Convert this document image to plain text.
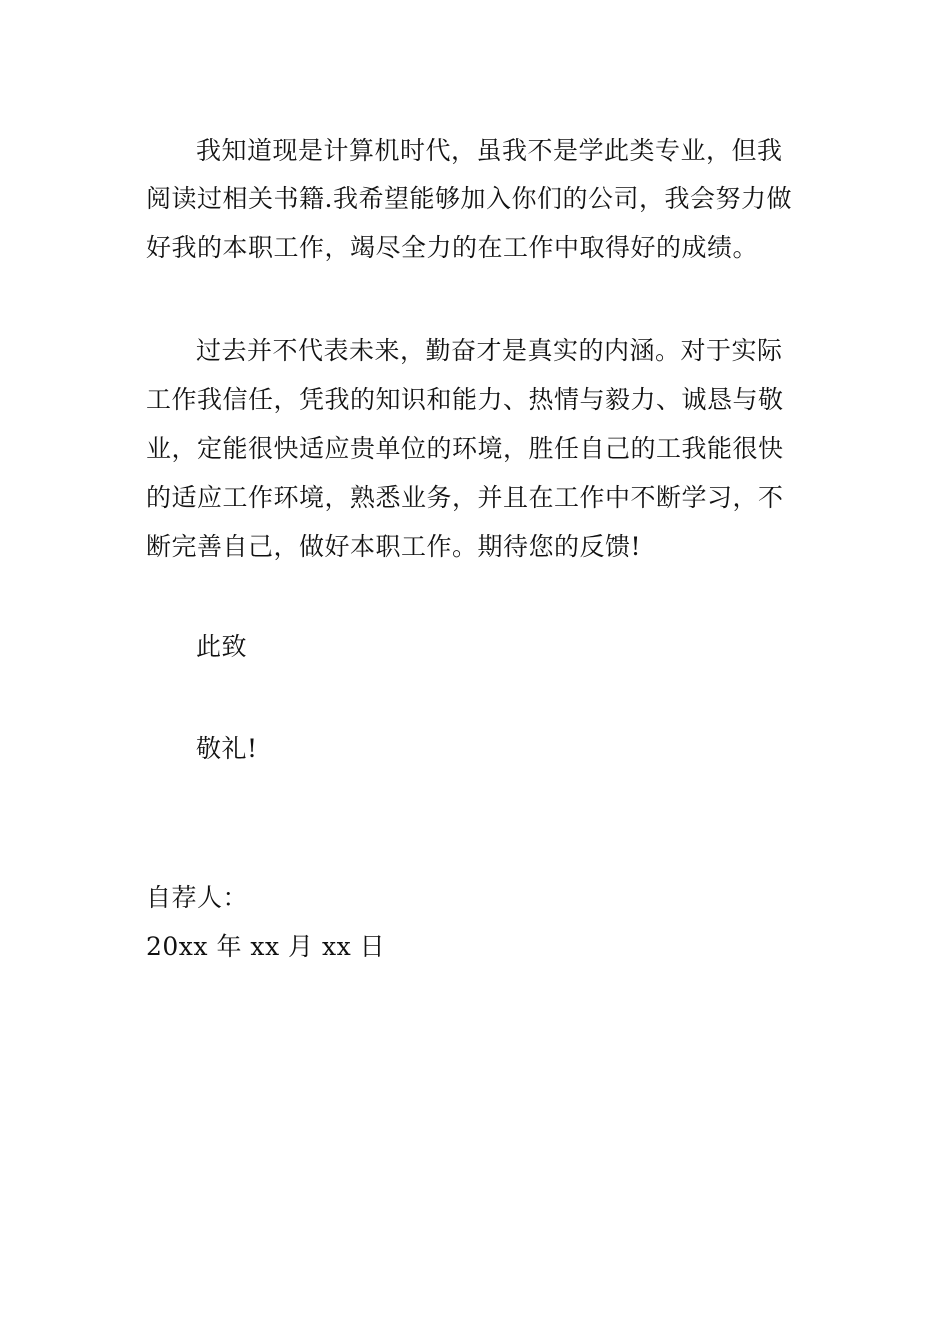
我知道现是计算机时代，虽我不是学此类专业，但我
阅读过相关书籍.我希望能够加入你们的公司，我会努力做
好我的本职工作，竭尽全力的在工作中取得好的成绩。
过去并不代表未来，勤奋才是真实的内涵。对于实际
工作我信任，凭我的知识和能力、热情与毅力、诚恳与敬
业，定能很快适应贵单位的环境，胜任自己的工我能很快
的适应工作环境，熟悉业务，并且在工作中不断学习，不
断完善自己，做好本职工作。期待您的反馈!
此致
敬礼!
自荐人：
20xx 年 xx 月 xx 日
